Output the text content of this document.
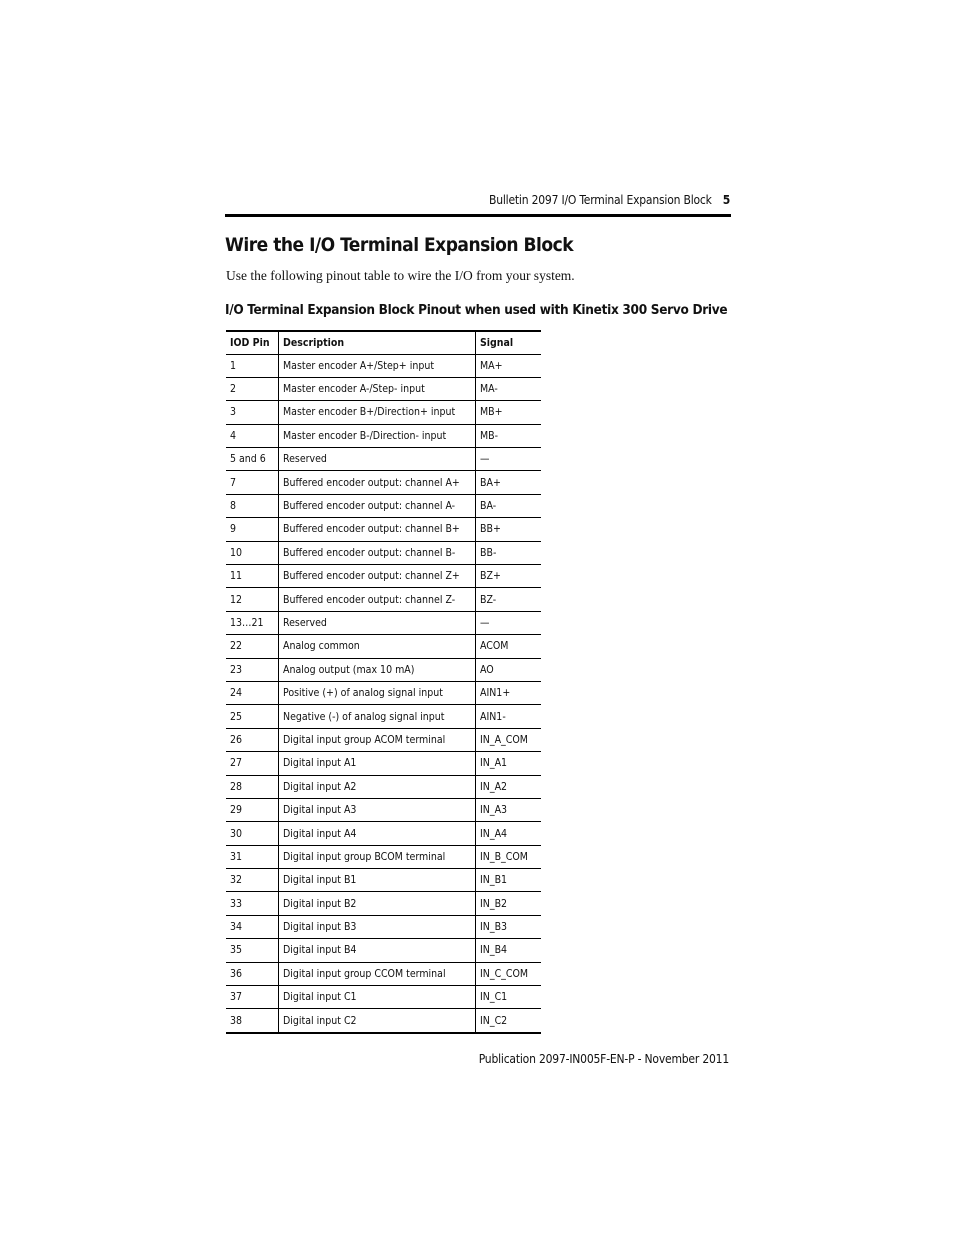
Bulletin 2097 I/O Terminal Expansion Block 5
Wire the I/O Terminal Expansion Block

Use the following pinout table to wire the I/O from your system.

I/O Terminal Expansion Block Pinout when used with Kinetix 300 Servo Drive

IOD Pin	Description	Signal
1	Master encoder A+/Step+ input	MA+
2	Master encoder A-/Step- input	MA-
3	Master encoder B+/Direction+ input	MB+
4	Master encoder B-/Direction- input	MB-
5 and 6	Reserved	—
7	Buffered encoder output: channel A+	BA+
8	Buffered encoder output: channel A-	BA-
9	Buffered encoder output: channel B+	BB+
10	Buffered encoder output: channel B-	BB-
11	Buffered encoder output: channel Z+	BZ+
12	Buffered encoder output: channel Z-	BZ-
13…21	Reserved	—
22	Analog common	ACOM
23	Analog output (max 10 mA)	AO
24	Positive (+) of analog signal input	AIN1+
25	Negative (-) of analog signal input	AIN1-
26	Digital input group ACOM terminal	IN_A_COM
27	Digital input A1	IN_A1
28	Digital input A2	IN_A2
29	Digital input A3	IN_A3
30	Digital input A4	IN_A4
31	Digital input group BCOM terminal	IN_B_COM
32	Digital input B1	IN_B1
33	Digital input B2	IN_B2
34	Digital input B3	IN_B3
35	Digital input B4	IN_B4
36	Digital input group CCOM terminal	IN_C_COM
37	Digital input C1	IN_C1
38	Digital input C2	IN_C2
Publication 2097-IN005F-EN-P - November 2011
